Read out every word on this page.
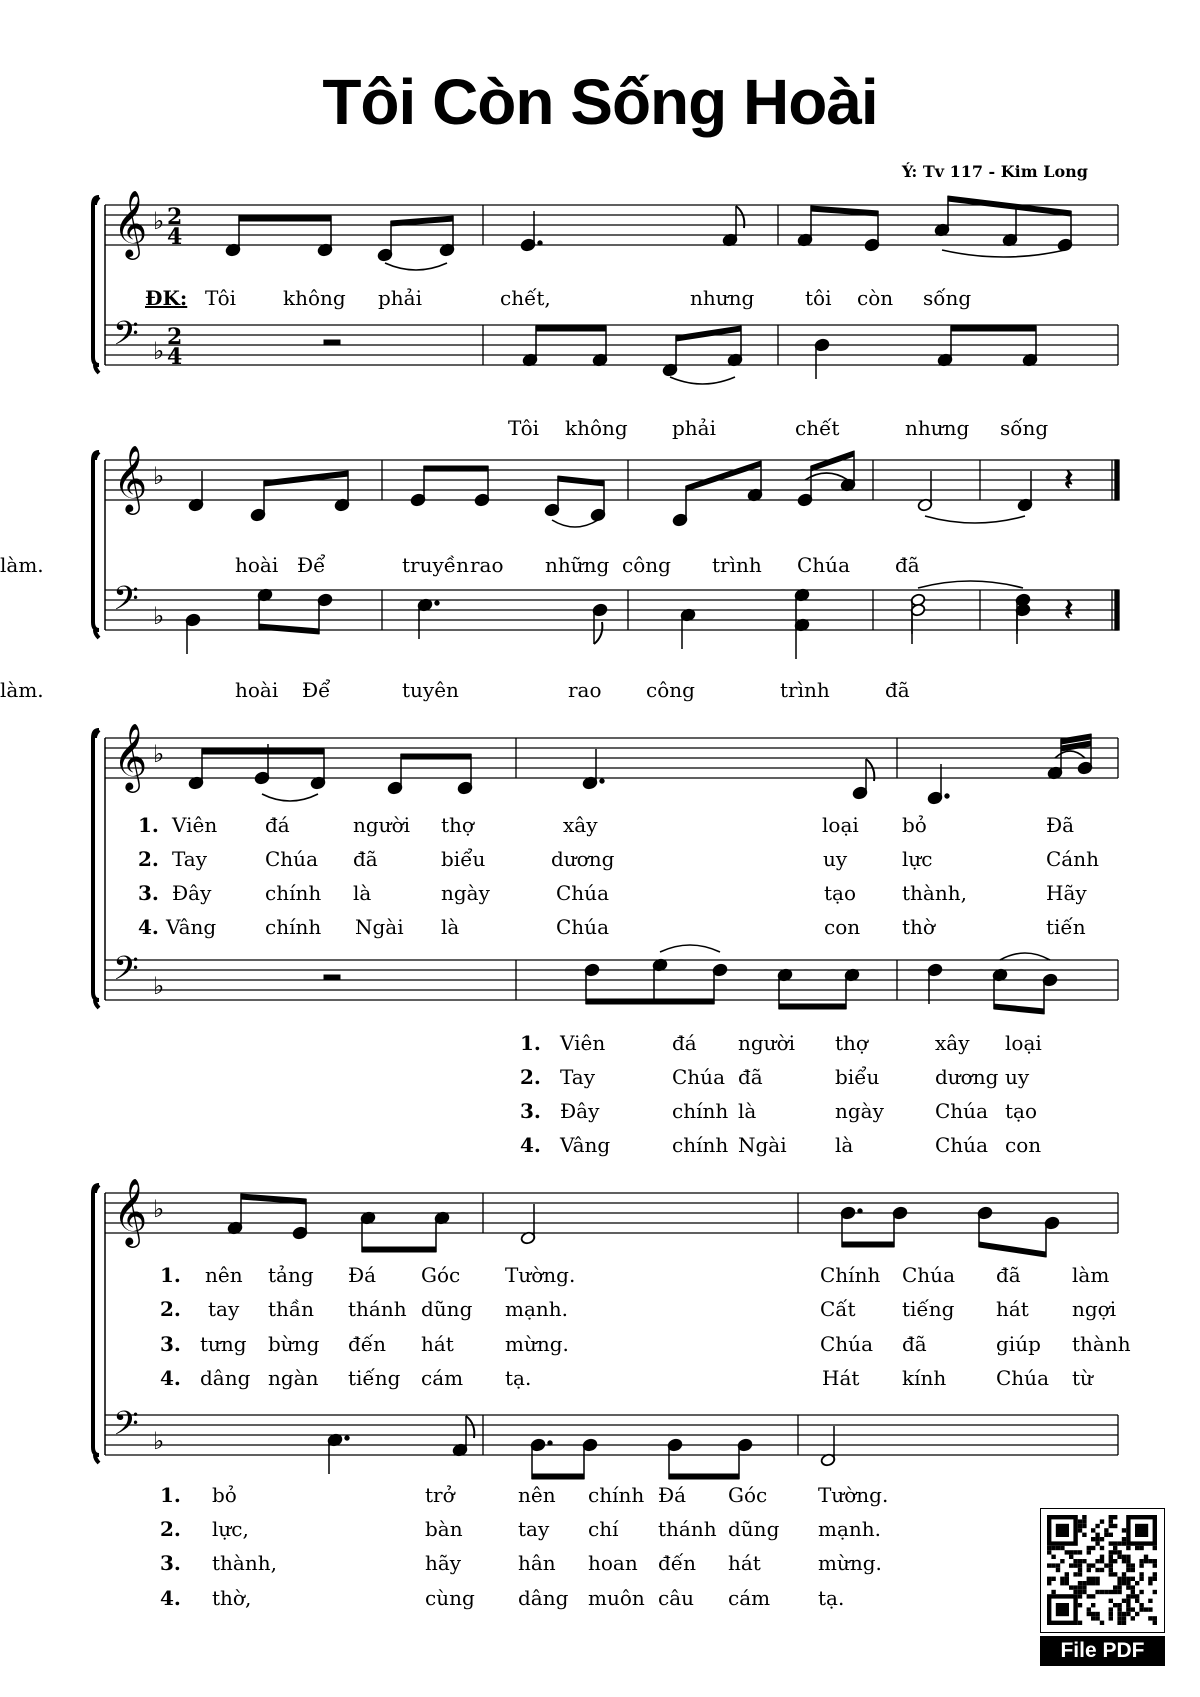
Tôi Còn Sống Hoài
Ý: Tv 117 - Kim Long
𝄞
𝄢
♭
♭
2
4
2
4
𝄞
𝄢
♭
♭
𝄞
𝄢
♭
♭
𝄞
𝄢
♭
♭
𝄽
𝄽
ĐK: Tôi không phải	chết,	nhưng	tôi còn sống
Tôi không phải	chết	nhưng sống
hoài Để	truyền rao những công trình Chúa đã
làm.
hoài Để	tuyên	rao công	trình	đã
làm.
1. Viên đá	người thợ	xây	loại bỏ	Đã
2. Tay	Chúa đã	biểu	dương	uy	lực	Cánh
3. Đây	chính là	ngày	Chúa	tạo thành,	Hãy
4. Vâng chính Ngài là	Chúa	con thờ	tiến
1. Viên	đá người thợ	xây loại
2. Tay	Chúa đã	biểu	dương uy
3. Đây	chính là	ngày	Chúa tạo
4. Vâng	chính Ngài là	Chúa con
1. nên tảng Đá Góc Tường.	Chính Chúa đã	làm
2. tay thần thánh dũng mạnh.	Cất tiếng hát ngợi
3. tưng bừng đến hát	mừng.	Chúa đã	giúp thành
4. dâng ngàn tiếng cám tạ.	Hát kính Chúa từ
1. bỏ	trở	nên chính Đá Góc	Tường.
2. lực,	bàn	tay chí thánh dũng mạnh.
3. thành,	hãy	hân hoan đến hát	mừng.
4. thờ,	cùng dâng muôn câu cám tạ.
File PDF
